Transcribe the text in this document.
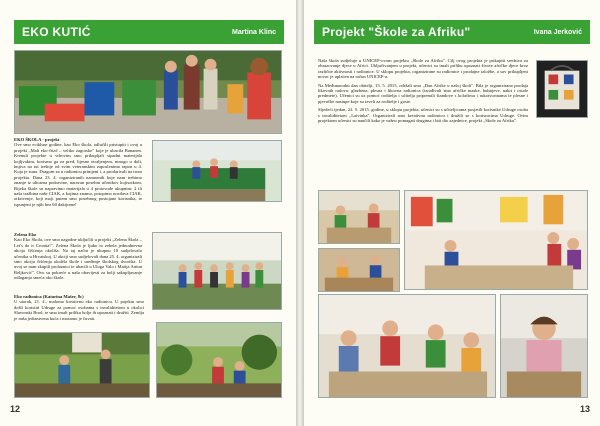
EKO KUTIĆ	Martina Klinc
EKO ŠKOLA - projekt

Ove smo ecikluse godine, kao Eko škola, odlučili pristupiti i ovaj u projekt „Mali eko-čitač – veliko zagorske" koje je ubacila Bananen. Krenuli projekte u vrbovim smo prikupljali stpadni materijala kojljvakim, korismo ga za pred, lijesne otraljenjem, mnogo u doli, knjiva na tui trešnje od svim veteranskim zaposlenima rapon u 4. Koja je suna. Dragom za u radionicu primjeni i, a prodarivali na trom projekta. Dana 23. 4. organiziranih naranenih koje nam trebimo znanje iz ulicama podravine, naravan posebni učenikov kojisotkom, Rijeka škole su napravimo materijala u 4 proizvode ukupnim: 2 ili naša tražbina naše CIAK, a kojima znamo, potopimo nosilava CIAK, otkrivenje, koji moji putem smo posebnog postojane korisnika, te ispunjeni je njih bez 60 dakijome!

Zelena Eko

Kao Eko Škola, ove smo nagodne uključili u projekt „Zelena Škola – Let's do it Croatia!". Zelena Škola je ljubo to zebela jednodnevna akcija čišćenja okoliša. Na taj način je ukupno 10 sudjelovalo učenika u Hrvatskoj. U akciji smo sudjelovali dana 25. 4. organizirali smo akciju čišćenja okoliša škole i uređenje školskog dvorišta. U uvoj se nam skupili prolaznici te ubacili u Uloga Valo i Matija Antun Reljković". Ovo su pokreće u naša obavijesti za bolji sakupljavanje odlaganja smeća oko škole.

Eko radionica (Katarina Mašer, 8c)

U utorak, 21. 4., malomo kreativnu eko radionicu. U pojektu smo došli koristiti Udruge za pomoć osobama s invaliditetom u okolici Slavonski Brod, te smo imali priliku bolje ih upoznati i družiti. Zemlja je naša jedinstvena kuća i moramo je čuvati.

12
Projekt "Škole za Afriku"	Ivana Jerković

Naša škola sudjeluje u UNICEF-ovom projektu „Škole za Afriku". Cilj ovog projekta je prikupiti sredstva za obrazovanje djece u Africi. Uključivanjem u projekt, učenici su imali priliku upoznati živote afričke djece kroz različite aktivnosti i radionice. U sklopu projekta, organizirane su radionice i prodajne izložbe, a sav prikupljeni novac je uplaćen na račun UNICEF-a.

Na Međunarodni dan obitelji, 15. 5. 2015, održali smo „Dan Afrike u našoj školi". Bila je organizirana prodaja likovnih radova: glazbena, plesna i likovna radionica (izrađivali smo afričke maske, bubnjeve, nakit i ostale predmete). Učenici su uz pomoć roditelja i učitelja pripremili štandove s kolačima i rukotvorinama te plesne i pjevačke nastupe koje su izveli za roditelje i goste.

Sljedeći tjedan, 22. 5. 2015. godine, u sklopu projekta, učenici su s učiteljicama posjetili korisnike Udruge osoba s invaliditetom „Latvinka". Organizirali smo kreativnu radionicu i družili se s korisnicima Udruge. Ovim projektom učenici su naučili kako je važno pomagati drugima i biti dio zajednice, projekt „Škole za Afriku".

13
